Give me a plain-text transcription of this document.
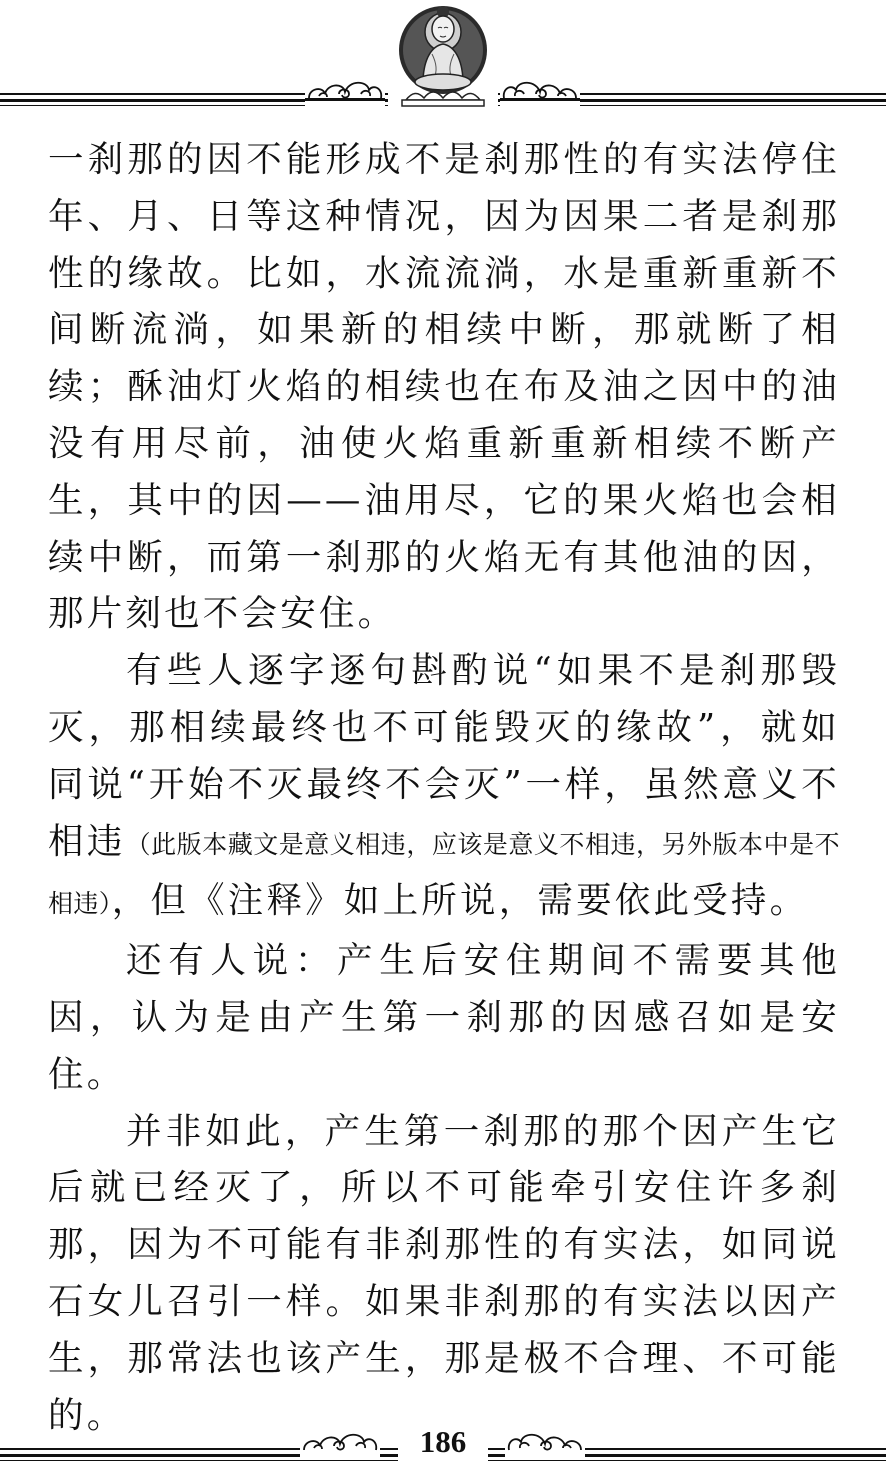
一刹那的因不能形成不是刹那性的有实法停住年、月、日等这种情况，因为因果二者是刹那性的缘故。比如，水流流淌，水是重新重新不间断流淌，如果新的相续中断，那就断了相续；酥油灯火焰的相续也在布及油之因中的油没有用尽前，油使火焰重新重新相续不断产生，其中的因——油用尽，它的果火焰也会相续中断，而第一刹那的火焰无有其他油的因，那片刻也不会安住。

有些人逐字逐句斟酌说“如果不是刹那毁灭，那相续最终也不可能毁灭的缘故”，就如同说“开始不灭最终不会灭”一样，虽然意义不相违（此版本藏文是意义相违，应该是意义不相违，另外版本中是不相违），但《注释》如上所说，需要依此受持。

还有人说：产生后安住期间不需要其他因，认为是由产生第一刹那的因感召如是安住。

并非如此，产生第一刹那的那个因产生它后就已经灭了，所以不可能牵引安住许多刹那，因为不可能有非刹那性的有实法，如同说石女儿召引一样。如果非刹那的有实法以因产生，那常法也该产生，那是极不合理、不可能的。

186
